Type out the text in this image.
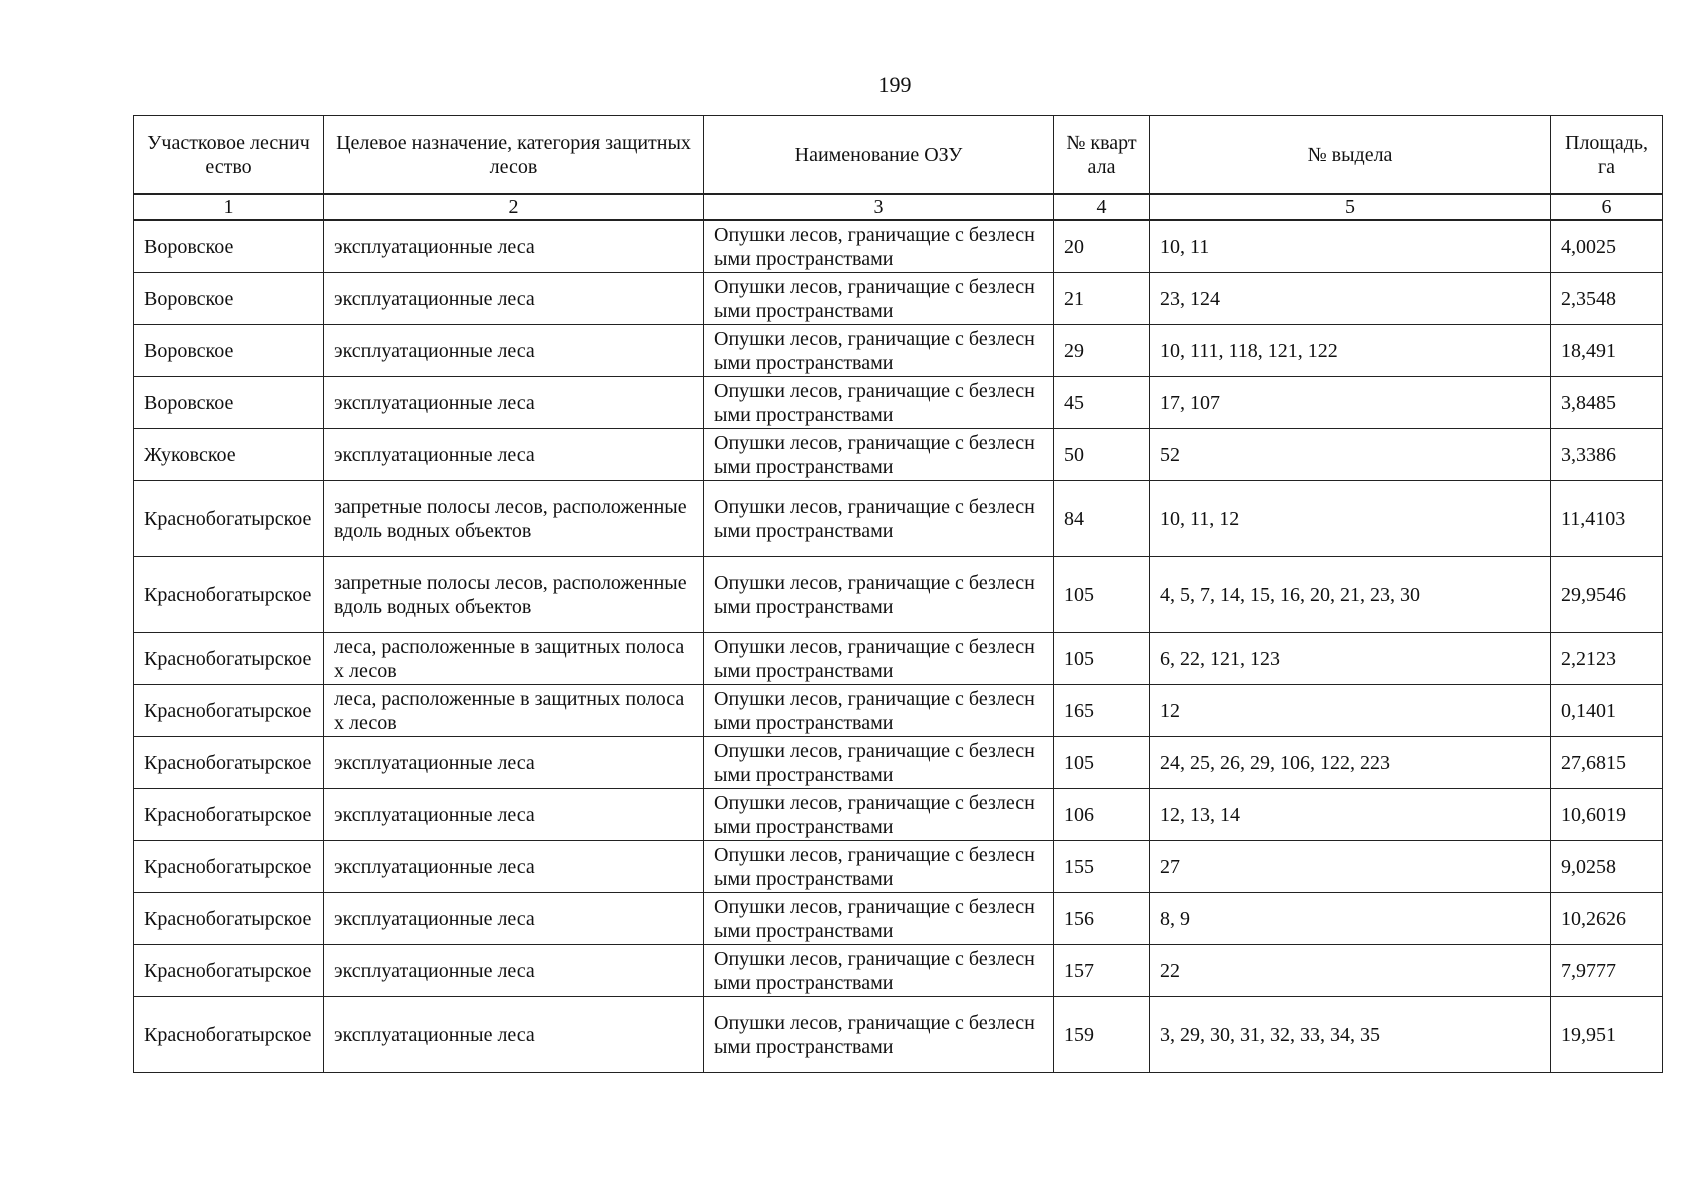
199
Участковое лесничество	Целевое назначение, категория защитных лесов	Наименование ОЗУ	№ квартала	№ выдела	Площадь, га
1	2	3	4	5	6
Воровское	эксплуатационные леса	Опушки лесов, граничащие с безлесными пространствами	20	10, 11	4,0025
Воровское	эксплуатационные леса	Опушки лесов, граничащие с безлесными пространствами	21	23, 124	2,3548
Воровское	эксплуатационные леса	Опушки лесов, граничащие с безлесными пространствами	29	10, 111, 118, 121, 122	18,491
Воровское	эксплуатационные леса	Опушки лесов, граничащие с безлесными пространствами	45	17, 107	3,8485
Жуковское	эксплуатационные леса	Опушки лесов, граничащие с безлесными пространствами	50	52	3,3386
Краснобогатырское	запретные полосы лесов, расположенные вдоль водных объектов	Опушки лесов, граничащие с безлесными пространствами	84	10, 11, 12	11,4103
Краснобогатырское	запретные полосы лесов, расположенные вдоль водных объектов	Опушки лесов, граничащие с безлесными пространствами	105	4, 5, 7, 14, 15, 16, 20, 21, 23, 30	29,9546
Краснобогатырское	леса, расположенные в защитных полосах лесов	Опушки лесов, граничащие с безлесными пространствами	105	6, 22, 121, 123	2,2123
Краснобогатырское	леса, расположенные в защитных полосах лесов	Опушки лесов, граничащие с безлесными пространствами	165	12	0,1401
Краснобогатырское	эксплуатационные леса	Опушки лесов, граничащие с безлесными пространствами	105	24, 25, 26, 29, 106, 122, 223	27,6815
Краснобогатырское	эксплуатационные леса	Опушки лесов, граничащие с безлесными пространствами	106	12, 13, 14	10,6019
Краснобогатырское	эксплуатационные леса	Опушки лесов, граничащие с безлесными пространствами	155	27	9,0258
Краснобогатырское	эксплуатационные леса	Опушки лесов, граничащие с безлесными пространствами	156	8, 9	10,2626
Краснобогатырское	эксплуатационные леса	Опушки лесов, граничащие с безлесными пространствами	157	22	7,9777
Краснобогатырское	эксплуатационные леса	Опушки лесов, граничащие с безлесными пространствами	159	3, 29, 30, 31, 32, 33, 34, 35	19,951
